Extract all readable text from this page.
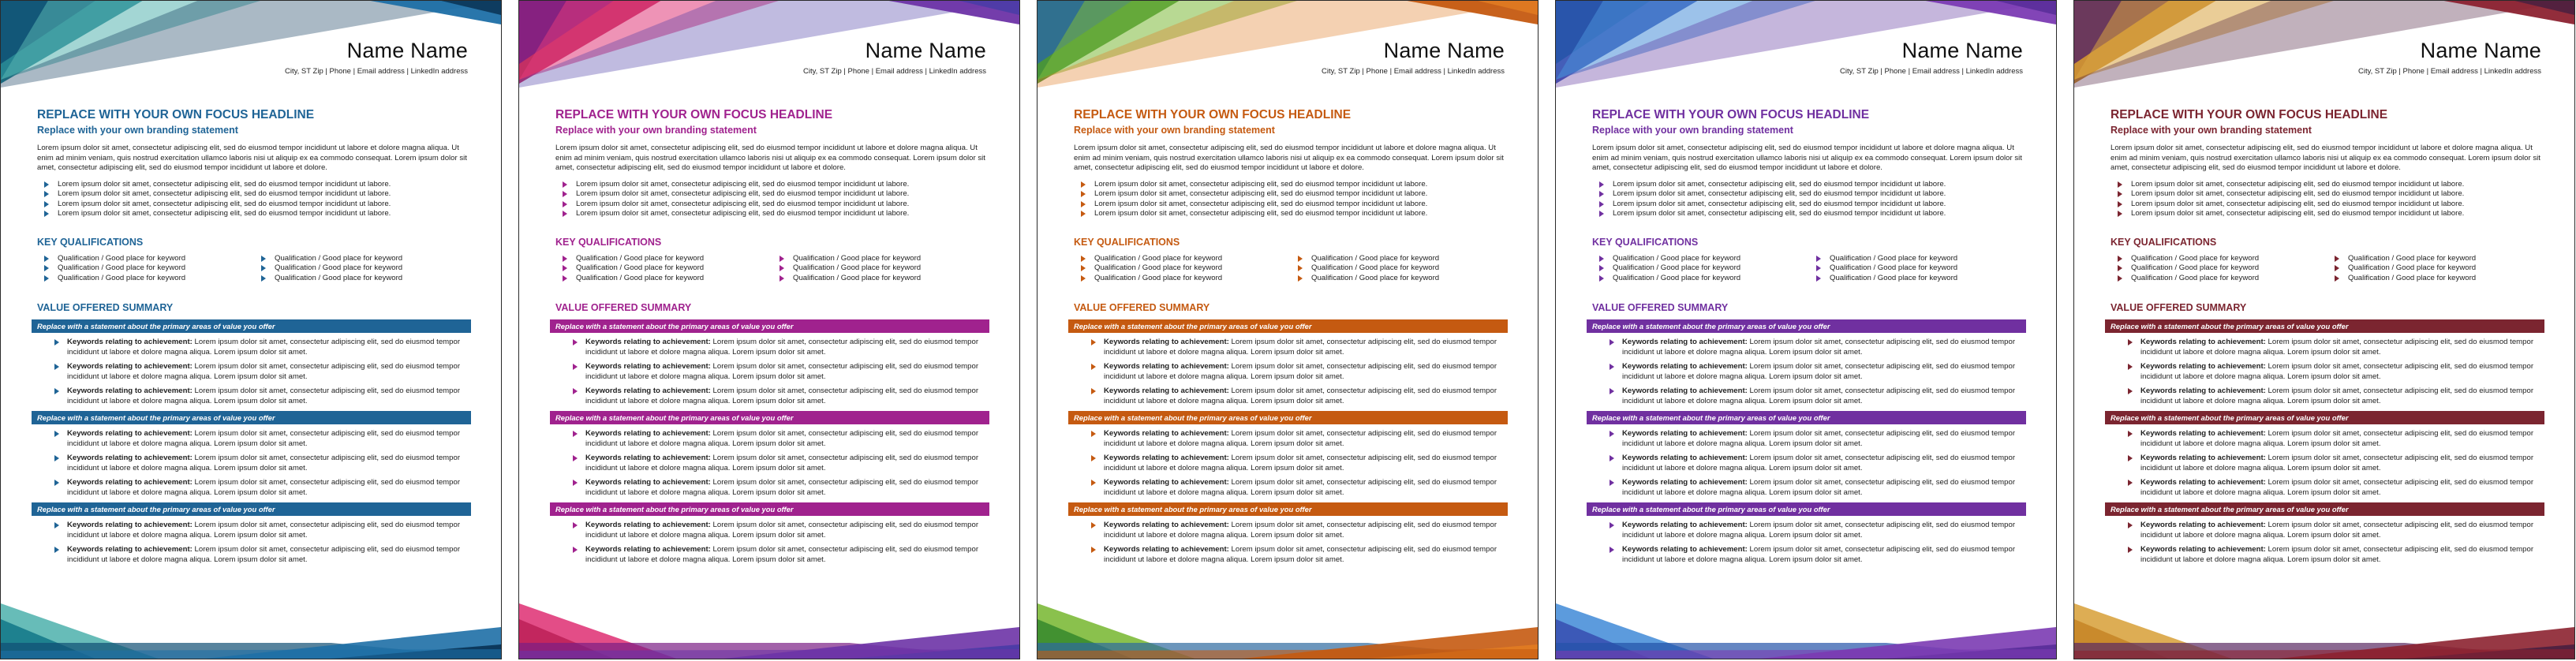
Name Name
City, ST Zip | Phone | Email address | LinkedIn address

REPLACE WITH YOUR OWN FOCUS HEADLINE

Replace with your own branding statement

Lorem ipsum dolor sit amet, consectetur adipiscing elit, sed do eiusmod tempor incididunt ut labore et dolore magna aliqua. Ut enim ad minim veniam, quis nostrud exercitation ullamco laboris nisi ut aliquip ex ea commodo consequat. Lorem ipsum dolor sit amet, consectetur adipiscing elit, sed do eiusmod tempor incididunt ut labore et dolore.

Lorem ipsum dolor sit amet, consectetur adipiscing elit, sed do eiusmod tempor incididunt ut labore.
Lorem ipsum dolor sit amet, consectetur adipiscing elit, sed do eiusmod tempor incididunt ut labore.
Lorem ipsum dolor sit amet, consectetur adipiscing elit, sed do eiusmod tempor incididunt ut labore.
Lorem ipsum dolor sit amet, consectetur adipiscing elit, sed do eiusmod tempor incididunt ut labore.

KEY QUALIFICATIONS

Qualification / Good place for keyword
Qualification / Good place for keyword
Qualification / Good place for keyword
Qualification / Good place for keyword
Qualification / Good place for keyword
Qualification / Good place for keyword

VALUE OFFERED SUMMARY

Replace with a statement about the primary areas of value you offer
Keywords relating to achievement: Lorem ipsum dolor sit amet, consectetur adipiscing elit, sed do eiusmod tempor incididunt ut labore et dolore magna aliqua. Lorem ipsum dolor sit amet.
Keywords relating to achievement: Lorem ipsum dolor sit amet, consectetur adipiscing elit, sed do eiusmod tempor incididunt ut labore et dolore magna aliqua. Lorem ipsum dolor sit amet.
Keywords relating to achievement: Lorem ipsum dolor sit amet, consectetur adipiscing elit, sed do eiusmod tempor incididunt ut labore et dolore magna aliqua. Lorem ipsum dolor sit amet.
Replace with a statement about the primary areas of value you offer
Keywords relating to achievement: Lorem ipsum dolor sit amet, consectetur adipiscing elit, sed do eiusmod tempor incididunt ut labore et dolore magna aliqua. Lorem ipsum dolor sit amet.
Keywords relating to achievement: Lorem ipsum dolor sit amet, consectetur adipiscing elit, sed do eiusmod tempor incididunt ut labore et dolore magna aliqua. Lorem ipsum dolor sit amet.
Keywords relating to achievement: Lorem ipsum dolor sit amet, consectetur adipiscing elit, sed do eiusmod tempor incididunt ut labore et dolore magna aliqua. Lorem ipsum dolor sit amet.
Replace with a statement about the primary areas of value you offer
Keywords relating to achievement: Lorem ipsum dolor sit amet, consectetur adipiscing elit, sed do eiusmod tempor incididunt ut labore et dolore magna aliqua. Lorem ipsum dolor sit amet.
Keywords relating to achievement: Lorem ipsum dolor sit amet, consectetur adipiscing elit, sed do eiusmod tempor incididunt ut labore et dolore magna aliqua. Lorem ipsum dolor sit amet.
Name Name
City, ST Zip | Phone | Email address | LinkedIn address

REPLACE WITH YOUR OWN FOCUS HEADLINE

Replace with your own branding statement

Lorem ipsum dolor sit amet, consectetur adipiscing elit, sed do eiusmod tempor incididunt ut labore et dolore magna aliqua. Ut enim ad minim veniam, quis nostrud exercitation ullamco laboris nisi ut aliquip ex ea commodo consequat. Lorem ipsum dolor sit amet, consectetur adipiscing elit, sed do eiusmod tempor incididunt ut labore et dolore.

Lorem ipsum dolor sit amet, consectetur adipiscing elit, sed do eiusmod tempor incididunt ut labore.
Lorem ipsum dolor sit amet, consectetur adipiscing elit, sed do eiusmod tempor incididunt ut labore.
Lorem ipsum dolor sit amet, consectetur adipiscing elit, sed do eiusmod tempor incididunt ut labore.
Lorem ipsum dolor sit amet, consectetur adipiscing elit, sed do eiusmod tempor incididunt ut labore.

KEY QUALIFICATIONS

Qualification / Good place for keyword
Qualification / Good place for keyword
Qualification / Good place for keyword
Qualification / Good place for keyword
Qualification / Good place for keyword
Qualification / Good place for keyword

VALUE OFFERED SUMMARY

Replace with a statement about the primary areas of value you offer
Keywords relating to achievement: Lorem ipsum dolor sit amet, consectetur adipiscing elit, sed do eiusmod tempor incididunt ut labore et dolore magna aliqua. Lorem ipsum dolor sit amet.
Keywords relating to achievement: Lorem ipsum dolor sit amet, consectetur adipiscing elit, sed do eiusmod tempor incididunt ut labore et dolore magna aliqua. Lorem ipsum dolor sit amet.
Keywords relating to achievement: Lorem ipsum dolor sit amet, consectetur adipiscing elit, sed do eiusmod tempor incididunt ut labore et dolore magna aliqua. Lorem ipsum dolor sit amet.
Replace with a statement about the primary areas of value you offer
Keywords relating to achievement: Lorem ipsum dolor sit amet, consectetur adipiscing elit, sed do eiusmod tempor incididunt ut labore et dolore magna aliqua. Lorem ipsum dolor sit amet.
Keywords relating to achievement: Lorem ipsum dolor sit amet, consectetur adipiscing elit, sed do eiusmod tempor incididunt ut labore et dolore magna aliqua. Lorem ipsum dolor sit amet.
Keywords relating to achievement: Lorem ipsum dolor sit amet, consectetur adipiscing elit, sed do eiusmod tempor incididunt ut labore et dolore magna aliqua. Lorem ipsum dolor sit amet.
Replace with a statement about the primary areas of value you offer
Keywords relating to achievement: Lorem ipsum dolor sit amet, consectetur adipiscing elit, sed do eiusmod tempor incididunt ut labore et dolore magna aliqua. Lorem ipsum dolor sit amet.
Keywords relating to achievement: Lorem ipsum dolor sit amet, consectetur adipiscing elit, sed do eiusmod tempor incididunt ut labore et dolore magna aliqua. Lorem ipsum dolor sit amet.
Name Name
City, ST Zip | Phone | Email address | LinkedIn address

REPLACE WITH YOUR OWN FOCUS HEADLINE

Replace with your own branding statement

Lorem ipsum dolor sit amet, consectetur adipiscing elit, sed do eiusmod tempor incididunt ut labore et dolore magna aliqua. Ut enim ad minim veniam, quis nostrud exercitation ullamco laboris nisi ut aliquip ex ea commodo consequat. Lorem ipsum dolor sit amet, consectetur adipiscing elit, sed do eiusmod tempor incididunt ut labore et dolore.

Lorem ipsum dolor sit amet, consectetur adipiscing elit, sed do eiusmod tempor incididunt ut labore.
Lorem ipsum dolor sit amet, consectetur adipiscing elit, sed do eiusmod tempor incididunt ut labore.
Lorem ipsum dolor sit amet, consectetur adipiscing elit, sed do eiusmod tempor incididunt ut labore.
Lorem ipsum dolor sit amet, consectetur adipiscing elit, sed do eiusmod tempor incididunt ut labore.

KEY QUALIFICATIONS

Qualification / Good place for keyword
Qualification / Good place for keyword
Qualification / Good place for keyword
Qualification / Good place for keyword
Qualification / Good place for keyword
Qualification / Good place for keyword

VALUE OFFERED SUMMARY

Replace with a statement about the primary areas of value you offer
Keywords relating to achievement: Lorem ipsum dolor sit amet, consectetur adipiscing elit, sed do eiusmod tempor incididunt ut labore et dolore magna aliqua. Lorem ipsum dolor sit amet.
Keywords relating to achievement: Lorem ipsum dolor sit amet, consectetur adipiscing elit, sed do eiusmod tempor incididunt ut labore et dolore magna aliqua. Lorem ipsum dolor sit amet.
Keywords relating to achievement: Lorem ipsum dolor sit amet, consectetur adipiscing elit, sed do eiusmod tempor incididunt ut labore et dolore magna aliqua. Lorem ipsum dolor sit amet.
Replace with a statement about the primary areas of value you offer
Keywords relating to achievement: Lorem ipsum dolor sit amet, consectetur adipiscing elit, sed do eiusmod tempor incididunt ut labore et dolore magna aliqua. Lorem ipsum dolor sit amet.
Keywords relating to achievement: Lorem ipsum dolor sit amet, consectetur adipiscing elit, sed do eiusmod tempor incididunt ut labore et dolore magna aliqua. Lorem ipsum dolor sit amet.
Keywords relating to achievement: Lorem ipsum dolor sit amet, consectetur adipiscing elit, sed do eiusmod tempor incididunt ut labore et dolore magna aliqua. Lorem ipsum dolor sit amet.
Replace with a statement about the primary areas of value you offer
Keywords relating to achievement: Lorem ipsum dolor sit amet, consectetur adipiscing elit, sed do eiusmod tempor incididunt ut labore et dolore magna aliqua. Lorem ipsum dolor sit amet.
Keywords relating to achievement: Lorem ipsum dolor sit amet, consectetur adipiscing elit, sed do eiusmod tempor incididunt ut labore et dolore magna aliqua. Lorem ipsum dolor sit amet.
Name Name
City, ST Zip | Phone | Email address | LinkedIn address

REPLACE WITH YOUR OWN FOCUS HEADLINE

Replace with your own branding statement

Lorem ipsum dolor sit amet, consectetur adipiscing elit, sed do eiusmod tempor incididunt ut labore et dolore magna aliqua. Ut enim ad minim veniam, quis nostrud exercitation ullamco laboris nisi ut aliquip ex ea commodo consequat. Lorem ipsum dolor sit amet, consectetur adipiscing elit, sed do eiusmod tempor incididunt ut labore et dolore.

Lorem ipsum dolor sit amet, consectetur adipiscing elit, sed do eiusmod tempor incididunt ut labore.
Lorem ipsum dolor sit amet, consectetur adipiscing elit, sed do eiusmod tempor incididunt ut labore.
Lorem ipsum dolor sit amet, consectetur adipiscing elit, sed do eiusmod tempor incididunt ut labore.
Lorem ipsum dolor sit amet, consectetur adipiscing elit, sed do eiusmod tempor incididunt ut labore.

KEY QUALIFICATIONS

Qualification / Good place for keyword
Qualification / Good place for keyword
Qualification / Good place for keyword
Qualification / Good place for keyword
Qualification / Good place for keyword
Qualification / Good place for keyword

VALUE OFFERED SUMMARY

Replace with a statement about the primary areas of value you offer
Keywords relating to achievement: Lorem ipsum dolor sit amet, consectetur adipiscing elit, sed do eiusmod tempor incididunt ut labore et dolore magna aliqua. Lorem ipsum dolor sit amet.
Keywords relating to achievement: Lorem ipsum dolor sit amet, consectetur adipiscing elit, sed do eiusmod tempor incididunt ut labore et dolore magna aliqua. Lorem ipsum dolor sit amet.
Keywords relating to achievement: Lorem ipsum dolor sit amet, consectetur adipiscing elit, sed do eiusmod tempor incididunt ut labore et dolore magna aliqua. Lorem ipsum dolor sit amet.
Replace with a statement about the primary areas of value you offer
Keywords relating to achievement: Lorem ipsum dolor sit amet, consectetur adipiscing elit, sed do eiusmod tempor incididunt ut labore et dolore magna aliqua. Lorem ipsum dolor sit amet.
Keywords relating to achievement: Lorem ipsum dolor sit amet, consectetur adipiscing elit, sed do eiusmod tempor incididunt ut labore et dolore magna aliqua. Lorem ipsum dolor sit amet.
Keywords relating to achievement: Lorem ipsum dolor sit amet, consectetur adipiscing elit, sed do eiusmod tempor incididunt ut labore et dolore magna aliqua. Lorem ipsum dolor sit amet.
Replace with a statement about the primary areas of value you offer
Keywords relating to achievement: Lorem ipsum dolor sit amet, consectetur adipiscing elit, sed do eiusmod tempor incididunt ut labore et dolore magna aliqua. Lorem ipsum dolor sit amet.
Keywords relating to achievement: Lorem ipsum dolor sit amet, consectetur adipiscing elit, sed do eiusmod tempor incididunt ut labore et dolore magna aliqua. Lorem ipsum dolor sit amet.
Name Name
City, ST Zip | Phone | Email address | LinkedIn address

REPLACE WITH YOUR OWN FOCUS HEADLINE

Replace with your own branding statement

Lorem ipsum dolor sit amet, consectetur adipiscing elit, sed do eiusmod tempor incididunt ut labore et dolore magna aliqua. Ut enim ad minim veniam, quis nostrud exercitation ullamco laboris nisi ut aliquip ex ea commodo consequat. Lorem ipsum dolor sit amet, consectetur adipiscing elit, sed do eiusmod tempor incididunt ut labore et dolore.

Lorem ipsum dolor sit amet, consectetur adipiscing elit, sed do eiusmod tempor incididunt ut labore.
Lorem ipsum dolor sit amet, consectetur adipiscing elit, sed do eiusmod tempor incididunt ut labore.
Lorem ipsum dolor sit amet, consectetur adipiscing elit, sed do eiusmod tempor incididunt ut labore.
Lorem ipsum dolor sit amet, consectetur adipiscing elit, sed do eiusmod tempor incididunt ut labore.

KEY QUALIFICATIONS

Qualification / Good place for keyword
Qualification / Good place for keyword
Qualification / Good place for keyword
Qualification / Good place for keyword
Qualification / Good place for keyword
Qualification / Good place for keyword

VALUE OFFERED SUMMARY

Replace with a statement about the primary areas of value you offer
Keywords relating to achievement: Lorem ipsum dolor sit amet, consectetur adipiscing elit, sed do eiusmod tempor incididunt ut labore et dolore magna aliqua. Lorem ipsum dolor sit amet.
Keywords relating to achievement: Lorem ipsum dolor sit amet, consectetur adipiscing elit, sed do eiusmod tempor incididunt ut labore et dolore magna aliqua. Lorem ipsum dolor sit amet.
Keywords relating to achievement: Lorem ipsum dolor sit amet, consectetur adipiscing elit, sed do eiusmod tempor incididunt ut labore et dolore magna aliqua. Lorem ipsum dolor sit amet.
Replace with a statement about the primary areas of value you offer
Keywords relating to achievement: Lorem ipsum dolor sit amet, consectetur adipiscing elit, sed do eiusmod tempor incididunt ut labore et dolore magna aliqua. Lorem ipsum dolor sit amet.
Keywords relating to achievement: Lorem ipsum dolor sit amet, consectetur adipiscing elit, sed do eiusmod tempor incididunt ut labore et dolore magna aliqua. Lorem ipsum dolor sit amet.
Keywords relating to achievement: Lorem ipsum dolor sit amet, consectetur adipiscing elit, sed do eiusmod tempor incididunt ut labore et dolore magna aliqua. Lorem ipsum dolor sit amet.
Replace with a statement about the primary areas of value you offer
Keywords relating to achievement: Lorem ipsum dolor sit amet, consectetur adipiscing elit, sed do eiusmod tempor incididunt ut labore et dolore magna aliqua. Lorem ipsum dolor sit amet.
Keywords relating to achievement: Lorem ipsum dolor sit amet, consectetur adipiscing elit, sed do eiusmod tempor incididunt ut labore et dolore magna aliqua. Lorem ipsum dolor sit amet.
